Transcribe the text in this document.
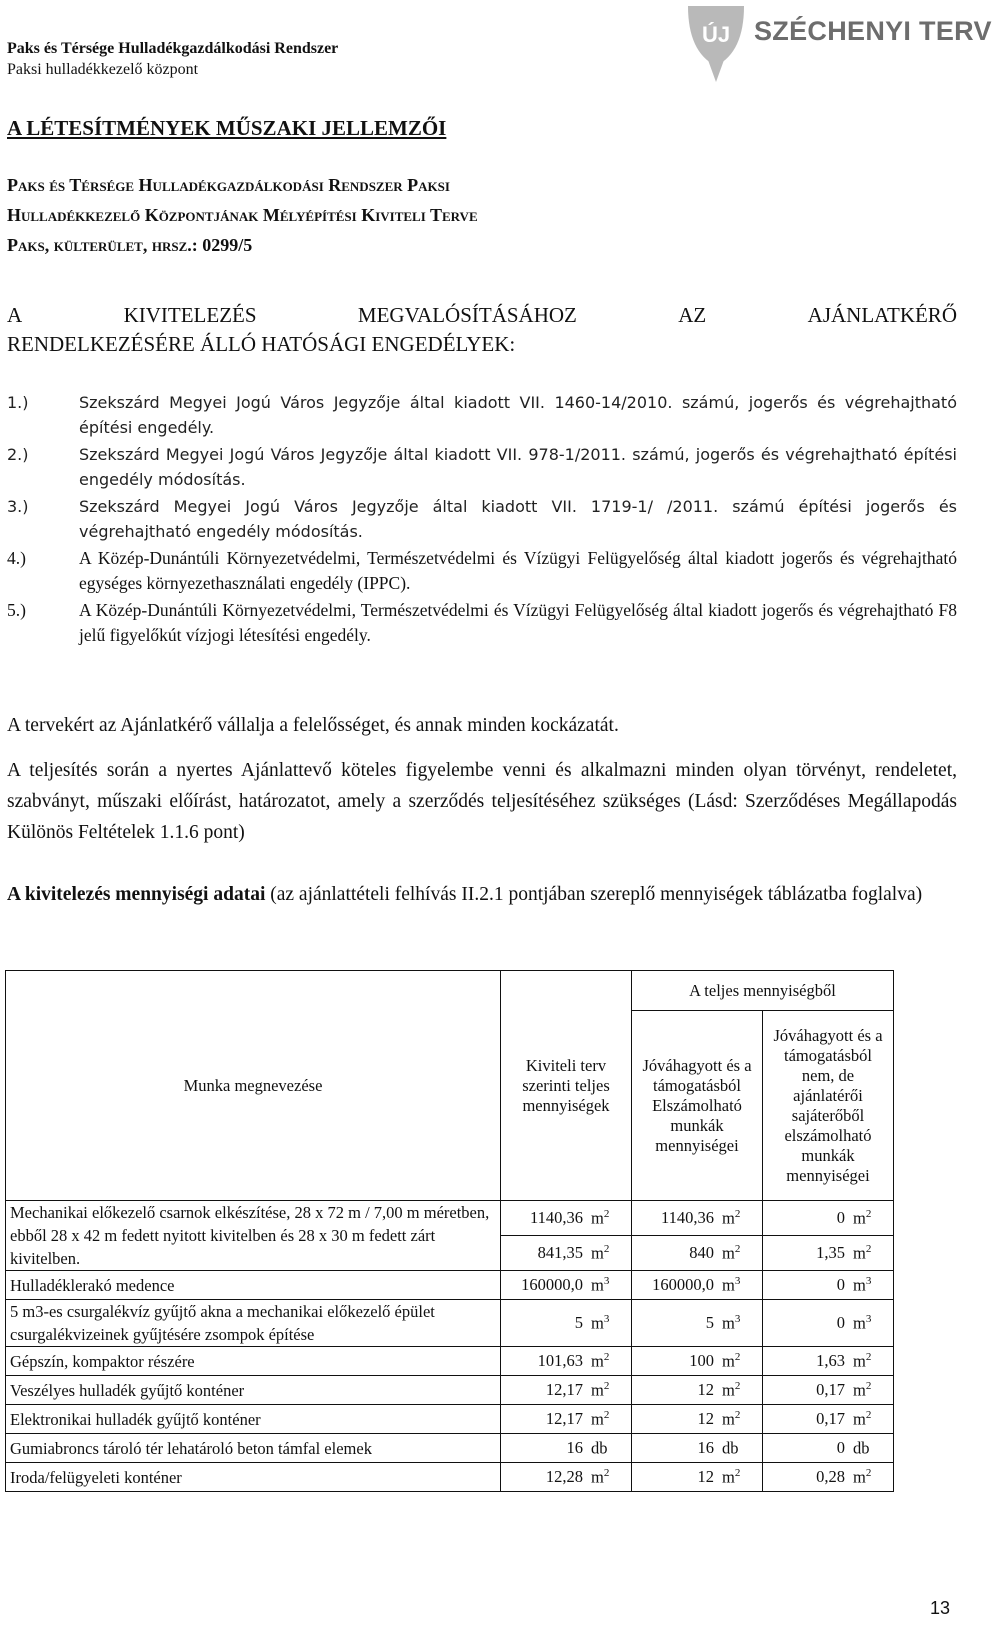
Paks és Térsége Hulladékgazdálkodási Rendszer
Paksi hulladékkezelő központ
ÚJ SZÉCHENYI TERV
A LÉTESÍTMÉNYEK MŰSZAKI JELLEMZŐI
Paks és Térsége Hulladékgazdálkodási Rendszer Paksi
Hulladékkezelő Központjának Mélyépítési Kiviteli Terve
Paks, külterület, hrsz.: 0299/5
A	KIVITELEZÉS	MEGVALÓSÍTÁSÁHOZ	AZ	AJÁNLATKÉRŐ
RENDELKEZÉSÉRE ÁLLÓ HATÓSÁGI ENGEDÉLYEK:
1.)	Szekszárd Megyei Jogú Város Jegyzője által kiadott VII. 1460-14/2010. számú, jogerős és végrehajtható építési engedély.
2.)	Szekszárd Megyei Jogú Város Jegyzője által kiadott VII. 978-1/2011. számú, jogerős és végrehajtható építési engedély módosítás.
3.)	Szekszárd Megyei Jogú Város Jegyzője által kiadott VII. 1719-1/ /2011. számú építési jogerős és végrehajtható engedély módosítás.
4.)	A Közép-Dunántúli Környezetvédelmi, Természetvédelmi és Vízügyi Felügyelőség által kiadott jogerős és végrehajtható egységes környezethasználati engedély (IPPC).
5.)	A Közép-Dunántúli Környezetvédelmi, Természetvédelmi és Vízügyi Felügyelőség által kiadott jogerős és végrehajtható F8 jelű figyelőkút vízjogi létesítési engedély.
A tervekért az Ajánlatkérő vállalja a felelősséget, és annak minden kockázatát.
A teljesítés során a nyertes Ajánlattevő köteles figyelembe venni és alkalmazni minden olyan törvényt, rendeletet, szabványt, műszaki előírást, határozatot, amely a szerződés teljesítéséhez szükséges (Lásd: Szerződéses Megállapodás Különös Feltételek 1.1.6 pont)
A kivitelezés mennyiségi adatai (az ajánlattételi felhívás II.2.1 pontjában szereplő mennyiségek táblázatba foglalva)
Munka megnevezése	Kiviteli terv szerinti teljes mennyiségek	A teljes mennyiségből	
		Jóváhagyott és a támogatásból Elszámolható munkák mennyiségei	Jóváhagyott és a támogatásból nem, de ajánlatérői sajáterőből elszámolható munkák mennyiségei
Mechanikai előkezelő csarnok elkészítése, 28 x 72 m / 7,00 m méretben, ebből 28 x 42 m fedett nyitott kivitelben és 28 x 30 m fedett zárt kivitelben.	1140,36 $m^2$	1140,36 $m^2$	0 $m^2$
	841,35 $m^2$	840 $m^2$	1,35 $m^2$
Hulladéklerakó medence	160000,0 $m^3$	160000,0 $m^3$	0 $m^3$
5 m3-es csurgalékvíz gyűjtő akna a mechanikai előkezelő épület csurgalékvizeinek gyűjtésére zsompok építése	5 $m^3$	5 $m^3$	0 $m^3$
Gépszín, kompaktor részére	101,63 $m^2$	100 $m^2$	1,63 $m^2$
Veszélyes hulladék gyűjtő konténer	12,17 $m^2$	12 $m^2$	0,17 $m^2$
Elektronikai hulladék gyűjtő konténer	12,17 $m^2$	12 $m^2$	0,17 $m^2$
Gumiabroncs tároló tér lehatároló beton támfal elemek	16 db	16 db	0 db
Iroda/felügyeleti konténer	12,28 $m^2$	12 $m^2$	0,28 $m^2$
13
